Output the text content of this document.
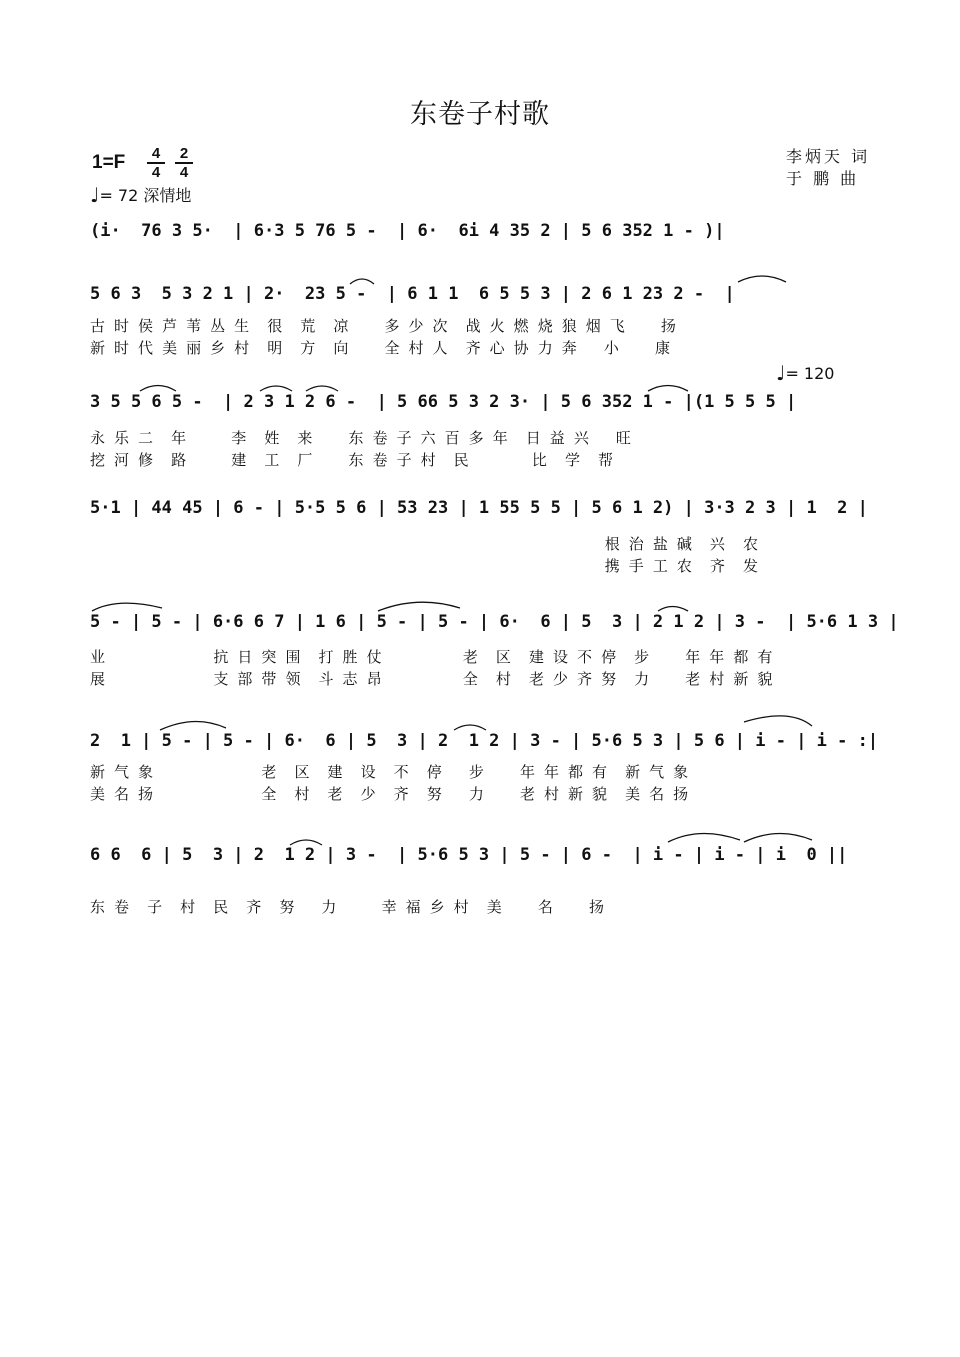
东卷子村歌
1=F	4
4
2
4
♩= 72 深情地
李炳天 词
于 鹏 曲
♩= 120
(i·  76 3 5·  | 6·3 5 76 5 -  | 6·  6i 4 35 2 | 5 6 352 1 - )|
5 6 3  5 3 2 1 | 2·  23 5 -  | 6 1 1  6 5 5 3 | 2 6 1 23 2 -  |
古 时 侯 芦 苇 丛 生  很  荒  凉    多 少 次  战 火 燃 烧 狼 烟 飞    扬
新 时 代 美 丽 乡 村  明  方  向    全 村 人  齐 心 协 力 奔   小    康
3 5 5 6 5 -  | 2 3 1 2 6 -  | 5 66 5 3 2 3· | 5 6 352 1 - |(1 5 5 5 |
永 乐 二  年     李  姓  来    东 卷 子 六 百 多 年  日 益 兴   旺
挖 河 修  路     建  工  厂    东 卷 子 村  民       比  学  帮
5·1 | 44 45 | 6 - | 5·5 5 6 | 53 23 | 1 55 5 5 | 5 6 1 2) | 3·3 2 3 | 1  2 |
根 治 盐 碱  兴  农
携 手 工 农  齐  发
5 - | 5 - | 6·6 6 7 | 1 6 | 5 - | 5 - | 6·  6 | 5  3 | 2 1 2 | 3 -  | 5·6 1 3 |
业            抗 日 突 围  打 胜 仗         老  区  建 设 不 停  步    年 年 都 有
展            支 部 带 领  斗 志 昂         全  村  老 少 齐 努  力    老 村 新 貌
2  1 | 5 - | 5 - | 6·  6 | 5  3 | 2  1 2 | 3 - | 5·6 5 3 | 5 6 | i - | i - :|
新 气 象            老  区  建  设  不  停   步    年 年 都 有  新 气 象
美 名 扬            全  村  老  少  齐  努   力    老 村 新 貌  美 名 扬
6 6  6 | 5  3 | 2  1 2 | 3 -  | 5·6 5 3 | 5 - | 6 -  | i - | i - | i  0 ||
东 卷  子  村  民  齐  努   力     幸 福 乡 村  美    名    扬
